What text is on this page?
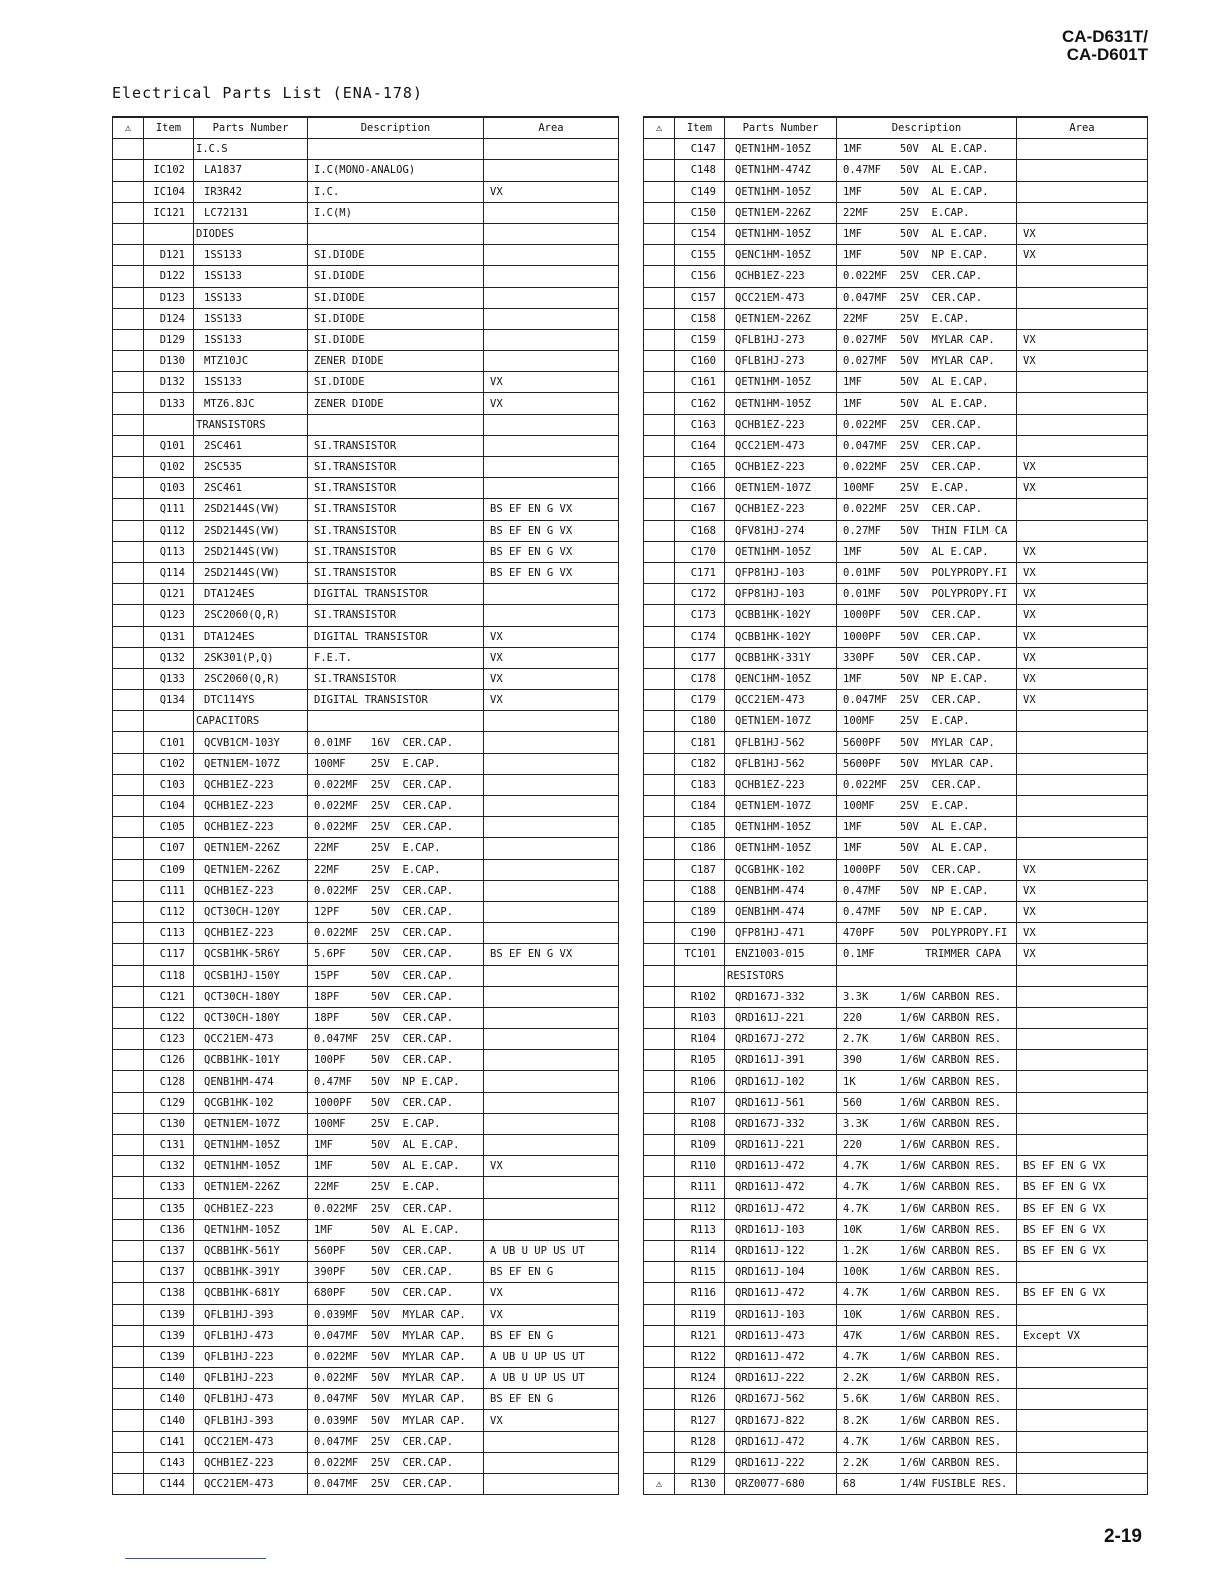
CA-D631T/
CA-D601T
Electrical Parts List (ENA-178)
⚠	Item	Parts Number	Description	Area
		I.C.S		
	IC102	LA1837	I.C(MONO-ANALOG)	
	IC104	IR3R42	I.C.	VX
	IC121	LC72131	I.C(M)	
		DIODES		
	D121	1SS133	SI.DIODE	
	D122	1SS133	SI.DIODE	
	D123	1SS133	SI.DIODE	
	D124	1SS133	SI.DIODE	
	D129	1SS133	SI.DIODE	
	D130	MTZ10JC	ZENER DIODE	
	D132	1SS133	SI.DIODE	VX
	D133	MTZ6.8JC	ZENER DIODE	VX
		TRANSISTORS		
	Q101	2SC461	SI.TRANSISTOR	
	Q102	2SC535	SI.TRANSISTOR	
	Q103	2SC461	SI.TRANSISTOR	
	Q111	2SD2144S(VW)	SI.TRANSISTOR	BS EF EN G VX
	Q112	2SD2144S(VW)	SI.TRANSISTOR	BS EF EN G VX
	Q113	2SD2144S(VW)	SI.TRANSISTOR	BS EF EN G VX
	Q114	2SD2144S(VW)	SI.TRANSISTOR	BS EF EN G VX
	Q121	DTA124ES	DIGITAL TRANSISTOR	
	Q123	2SC2060(Q,R)	SI.TRANSISTOR	
	Q131	DTA124ES	DIGITAL TRANSISTOR	VX
	Q132	2SK301(P,Q)	F.E.T.	VX
	Q133	2SC2060(Q,R)	SI.TRANSISTOR	VX
	Q134	DTC114YS	DIGITAL TRANSISTOR	VX
		CAPACITORS		
	C101	QCVB1CM-103Y	0.01MF   16V  CER.CAP.	
	C102	QETN1EM-107Z	100MF    25V  E.CAP.	
	C103	QCHB1EZ-223	0.022MF  25V  CER.CAP.	
	C104	QCHB1EZ-223	0.022MF  25V  CER.CAP.	
	C105	QCHB1EZ-223	0.022MF  25V  CER.CAP.	
	C107	QETN1EM-226Z	22MF     25V  E.CAP.	
	C109	QETN1EM-226Z	22MF     25V  E.CAP.	
	C111	QCHB1EZ-223	0.022MF  25V  CER.CAP.	
	C112	QCT30CH-120Y	12PF     50V  CER.CAP.	
	C113	QCHB1EZ-223	0.022MF  25V  CER.CAP.	
	C117	QCSB1HK-5R6Y	5.6PF    50V  CER.CAP.	BS EF EN G VX
	C118	QCSB1HJ-150Y	15PF     50V  CER.CAP.	
	C121	QCT30CH-180Y	18PF     50V  CER.CAP.	
	C122	QCT30CH-180Y	18PF     50V  CER.CAP.	
	C123	QCC21EM-473	0.047MF  25V  CER.CAP.	
	C126	QCBB1HK-101Y	100PF    50V  CER.CAP.	
	C128	QENB1HM-474	0.47MF   50V  NP E.CAP.	
	C129	QCGB1HK-102	1000PF   50V  CER.CAP.	
	C130	QETN1EM-107Z	100MF    25V  E.CAP.	
	C131	QETN1HM-105Z	1MF      50V  AL E.CAP.	
	C132	QETN1HM-105Z	1MF      50V  AL E.CAP.	VX
	C133	QETN1EM-226Z	22MF     25V  E.CAP.	
	C135	QCHB1EZ-223	0.022MF  25V  CER.CAP.	
	C136	QETN1HM-105Z	1MF      50V  AL E.CAP.	
	C137	QCBB1HK-561Y	560PF    50V  CER.CAP.	A UB U UP US UT
	C137	QCBB1HK-391Y	390PF    50V  CER.CAP.	BS EF EN G
	C138	QCBB1HK-681Y	680PF    50V  CER.CAP.	VX
	C139	QFLB1HJ-393	0.039MF  50V  MYLAR CAP.	VX
	C139	QFLB1HJ-473	0.047MF  50V  MYLAR CAP.	BS EF EN G
	C139	QFLB1HJ-223	0.022MF  50V  MYLAR CAP.	A UB U UP US UT
	C140	QFLB1HJ-223	0.022MF  50V  MYLAR CAP.	A UB U UP US UT
	C140	QFLB1HJ-473	0.047MF  50V  MYLAR CAP.	BS EF EN G
	C140	QFLB1HJ-393	0.039MF  50V  MYLAR CAP.	VX
	C141	QCC21EM-473	0.047MF  25V  CER.CAP.	
	C143	QCHB1EZ-223	0.022MF  25V  CER.CAP.	
	C144	QCC21EM-473	0.047MF  25V  CER.CAP.	
⚠	Item	Parts Number	Description	Area
	C147	QETN1HM-105Z	1MF      50V  AL E.CAP.	
	C148	QETN1HM-474Z	0.47MF   50V  AL E.CAP.	
	C149	QETN1HM-105Z	1MF      50V  AL E.CAP.	
	C150	QETN1EM-226Z	22MF     25V  E.CAP.	
	C154	QETN1HM-105Z	1MF      50V  AL E.CAP.	VX
	C155	QENC1HM-105Z	1MF      50V  NP E.CAP.	VX
	C156	QCHB1EZ-223	0.022MF  25V  CER.CAP.	
	C157	QCC21EM-473	0.047MF  25V  CER.CAP.	
	C158	QETN1EM-226Z	22MF     25V  E.CAP.	
	C159	QFLB1HJ-273	0.027MF  50V  MYLAR CAP.	VX
	C160	QFLB1HJ-273	0.027MF  50V  MYLAR CAP.	VX
	C161	QETN1HM-105Z	1MF      50V  AL E.CAP.	
	C162	QETN1HM-105Z	1MF      50V  AL E.CAP.	
	C163	QCHB1EZ-223	0.022MF  25V  CER.CAP.	
	C164	QCC21EM-473	0.047MF  25V  CER.CAP.	
	C165	QCHB1EZ-223	0.022MF  25V  CER.CAP.	VX
	C166	QETN1EM-107Z	100MF    25V  E.CAP.	VX
	C167	QCHB1EZ-223	0.022MF  25V  CER.CAP.	
	C168	QFV81HJ-274	0.27MF   50V  THIN FILM CA	
	C170	QETN1HM-105Z	1MF      50V  AL E.CAP.	VX
	C171	QFP81HJ-103	0.01MF   50V  POLYPROPY.FI	VX
	C172	QFP81HJ-103	0.01MF   50V  POLYPROPY.FI	VX
	C173	QCBB1HK-102Y	1000PF   50V  CER.CAP.	VX
	C174	QCBB1HK-102Y	1000PF   50V  CER.CAP.	VX
	C177	QCBB1HK-331Y	330PF    50V  CER.CAP.	VX
	C178	QENC1HM-105Z	1MF      50V  NP E.CAP.	VX
	C179	QCC21EM-473	0.047MF  25V  CER.CAP.	VX
	C180	QETN1EM-107Z	100MF    25V  E.CAP.	
	C181	QFLB1HJ-562	5600PF   50V  MYLAR CAP.	
	C182	QFLB1HJ-562	5600PF   50V  MYLAR CAP.	
	C183	QCHB1EZ-223	0.022MF  25V  CER.CAP.	
	C184	QETN1EM-107Z	100MF    25V  E.CAP.	
	C185	QETN1HM-105Z	1MF      50V  AL E.CAP.	
	C186	QETN1HM-105Z	1MF      50V  AL E.CAP.	
	C187	QCGB1HK-102	1000PF   50V  CER.CAP.	VX
	C188	QENB1HM-474	0.47MF   50V  NP E.CAP.	VX
	C189	QENB1HM-474	0.47MF   50V  NP E.CAP.	VX
	C190	QFP81HJ-471	470PF    50V  POLYPROPY.FI	VX
	TC101	ENZ1003-015	0.1MF        TRIMMER CAPA	VX
		RESISTORS		
	R102	QRD167J-332	3.3K     1/6W CARBON RES.	
	R103	QRD161J-221	220      1/6W CARBON RES.	
	R104	QRD167J-272	2.7K     1/6W CARBON RES.	
	R105	QRD161J-391	390      1/6W CARBON RES.	
	R106	QRD161J-102	1K       1/6W CARBON RES.	
	R107	QRD161J-561	560      1/6W CARBON RES.	
	R108	QRD167J-332	3.3K     1/6W CARBON RES.	
	R109	QRD161J-221	220      1/6W CARBON RES.	
	R110	QRD161J-472	4.7K     1/6W CARBON RES.	BS EF EN G VX
	R111	QRD161J-472	4.7K     1/6W CARBON RES.	BS EF EN G VX
	R112	QRD161J-472	4.7K     1/6W CARBON RES.	BS EF EN G VX
	R113	QRD161J-103	10K      1/6W CARBON RES.	BS EF EN G VX
	R114	QRD161J-122	1.2K     1/6W CARBON RES.	BS EF EN G VX
	R115	QRD161J-104	100K     1/6W CARBON RES.	
	R116	QRD161J-472	4.7K     1/6W CARBON RES.	BS EF EN G VX
	R119	QRD161J-103	10K      1/6W CARBON RES.	
	R121	QRD161J-473	47K      1/6W CARBON RES.	Except VX
	R122	QRD161J-472	4.7K     1/6W CARBON RES.	
	R124	QRD161J-222	2.2K     1/6W CARBON RES.	
	R126	QRD167J-562	5.6K     1/6W CARBON RES.	
	R127	QRD167J-822	8.2K     1/6W CARBON RES.	
	R128	QRD161J-472	4.7K     1/6W CARBON RES.	
	R129	QRD161J-222	2.2K     1/6W CARBON RES.	
⚠	R130	QRZ0077-680	68       1/4W FUSIBLE RES.	
2-19
